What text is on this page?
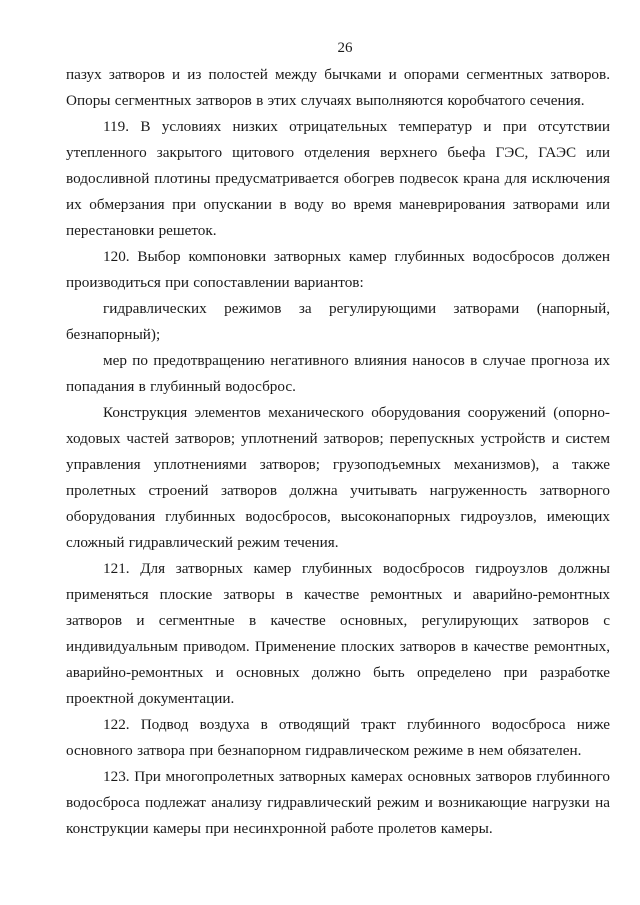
26

пазух затворов и из полостей между бычками и опорами сегментных затворов. Опоры сегментных затворов в этих случаях выполняются коробчатого сечения.

119. В условиях низких отрицательных температур и при отсутствии утепленного закрытого щитового отделения верхнего бьефа ГЭС, ГАЭС или водосливной плотины предусматривается обогрев подвесок крана для исключения их обмерзания при опускании в воду во время маневрирования затворами или перестановки решеток.

120. Выбор компоновки затворных камер глубинных водосбросов должен производиться при сопоставлении вариантов:

гидравлических режимов за регулирующими затворами (напорный, безнапорный);

мер по предотвращению негативного влияния наносов в случае прогноза их попадания в глубинный водосброс.

Конструкция элементов механического оборудования сооружений (опорно-ходовых частей затворов; уплотнений затворов; перепускных устройств и систем управления уплотнениями затворов; грузоподъемных механизмов), а также пролетных строений затворов должна учитывать нагруженность затворного оборудования глубинных водосбросов, высоконапорных гидроузлов, имеющих сложный гидравлический режим течения.

121. Для затворных камер глубинных водосбросов гидроузлов должны применяться плоские затворы в качестве ремонтных и аварийно-ремонтных затворов и сегментные в качестве основных, регулирующих затворов с индивидуальным приводом. Применение плоских затворов в качестве ремонтных, аварийно-ремонтных и основных должно быть определено при разработке проектной документации.

122. Подвод воздуха в отводящий тракт глубинного водосброса ниже основного затвора при безнапорном гидравлическом режиме в нем обязателен.

123. При многопролетных затворных камерах основных затворов глубинного водосброса подлежат анализу гидравлический режим и возникающие нагрузки на конструкции камеры при несинхронной работе пролетов камеры.
